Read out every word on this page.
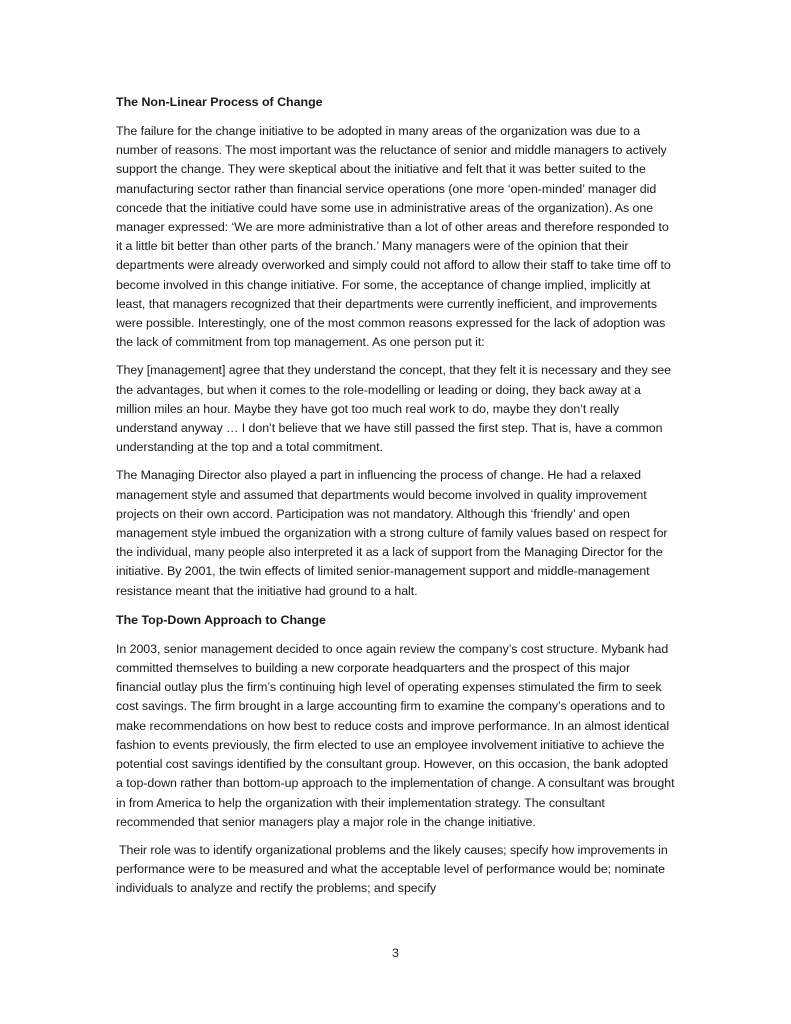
The Non-Linear Process of Change

The failure for the change initiative to be adopted in many areas of the organization was due to a number of reasons. The most important was the reluctance of senior and middle managers to actively support the change. They were skeptical about the initiative and felt that it was better suited to the manufacturing sector rather than financial service operations (one more ‘open-minded’ manager did concede that the initiative could have some use in administrative areas of the organization). As one manager expressed: ‘We are more administrative than a lot of other areas and therefore responded to it a little bit better than other parts of the branch.’ Many managers were of the opinion that their departments were already overworked and simply could not afford to allow their staff to take time off to become involved in this change initiative. For some, the acceptance of change implied, implicitly at least, that managers recognized that their departments were currently inefficient, and improvements were possible. Interestingly, one of the most common reasons expressed for the lack of adoption was the lack of commitment from top management. As one person put it:

They [management] agree that they understand the concept, that they felt it is necessary and they see the advantages, but when it comes to the role-modelling or leading or doing, they back away at a million miles an hour. Maybe they have got too much real work to do, maybe they don’t really understand anyway … I don’t believe that we have still passed the first step. That is, have a common understanding at the top and a total commitment.

The Managing Director also played a part in influencing the process of change. He had a relaxed management style and assumed that departments would become involved in quality improvement projects on their own accord. Participation was not mandatory. Although this ‘friendly’ and open management style imbued the organization with a strong culture of family values based on respect for the individual, many people also interpreted it as a lack of support from the Managing Director for the initiative. By 2001, the twin effects of limited senior-management support and middle-management resistance meant that the initiative had ground to a halt.

The Top-Down Approach to Change

In 2003, senior management decided to once again review the company’s cost structure. Mybank had committed themselves to building a new corporate headquarters and the prospect of this major financial outlay plus the firm’s continuing high level of operating expenses stimulated the firm to seek cost savings. The firm brought in a large accounting firm to examine the company’s operations and to make recommendations on how best to reduce costs and improve performance. In an almost identical fashion to events previously, the firm elected to use an employee involvement initiative to achieve the potential cost savings identified by the consultant group. However, on this occasion, the bank adopted a top-down rather than bottom-up approach to the implementation of change. A consultant was brought in from America to help the organization with their implementation strategy. The consultant recommended that senior managers play a major role in the change initiative.

Their role was to identify organizational problems and the likely causes; specify how improvements in performance were to be measured and what the acceptable level of performance would be; nominate individuals to analyze and rectify the problems; and specify

3
